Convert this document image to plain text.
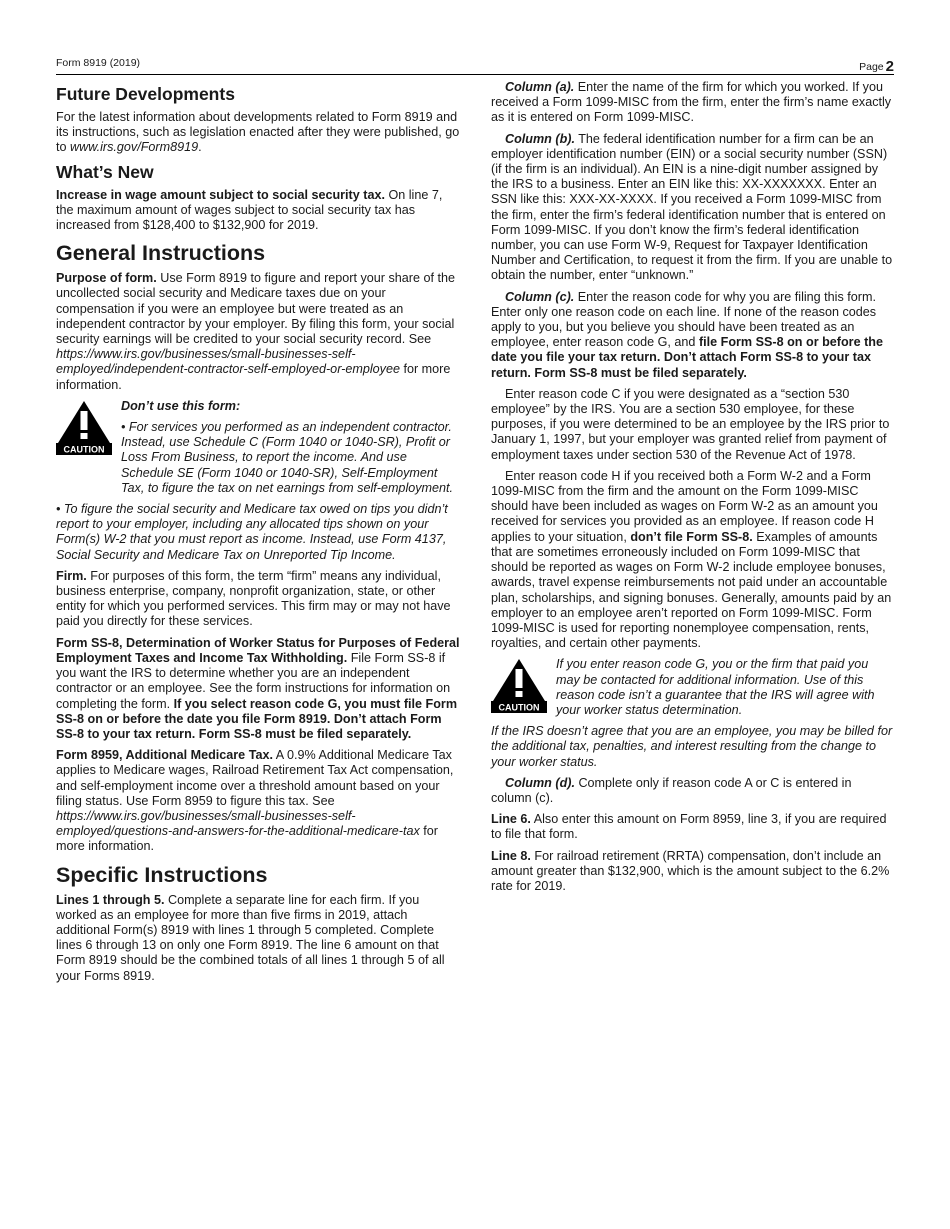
Form 8919 (2019)	Page 2
Future Developments

For the latest information about developments related to Form 8919 and its instructions, such as legislation enacted after they were published, go to www.irs.gov/Form8919.

What’s New

Increase in wage amount subject to social security tax. On line 7, the maximum amount of wages subject to social security tax has increased from $128,400 to $132,900 for 2019.

General Instructions

Purpose of form. Use Form 8919 to figure and report your share of the uncollected social security and Medicare taxes due on your compensation if you were an employee but were treated as an independent contractor by your employer. By filing this form, your social security earnings will be credited to your social security record. See https://www.irs.gov/businesses/small-businesses-self-employed/independent-contractor-self-employed-or-employee for more information.

CAUTION

Don’t use this form:

• For services you performed as an independent contractor. Instead, use Schedule C (Form 1040 or 1040-SR), Profit or Loss From Business, to report the income. And use Schedule SE (Form 1040 or 1040-SR), Self-Employment Tax, to figure the tax on net earnings from self-employment.

• To figure the social security and Medicare tax owed on tips you didn’t report to your employer, including any allocated tips shown on your Form(s) W-2 that you must report as income. Instead, use Form 4137, Social Security and Medicare Tax on Unreported Tip Income.

Firm. For purposes of this form, the term “firm” means any individual, business enterprise, company, nonprofit organization, state, or other entity for which you performed services. This firm may or may not have paid you directly for these services.

Form SS-8, Determination of Worker Status for Purposes of Federal Employment Taxes and Income Tax Withholding. File Form SS-8 if you want the IRS to determine whether you are an independent contractor or an employee. See the form instructions for information on completing the form. If you select reason code G, you must file Form SS-8 on or before the date you file Form 8919. Don’t attach Form SS-8 to your tax return. Form SS-8 must be filed separately.

Form 8959, Additional Medicare Tax. A 0.9% Additional Medicare Tax applies to Medicare wages, Railroad Retirement Tax Act compensation, and self-employment income over a threshold amount based on your filing status. Use Form 8959 to figure this tax. See https://www.irs.gov/businesses/small-businesses-self-employed/questions-and-answers-for-the-additional-medicare-tax for more information.

Specific Instructions

Lines 1 through 5. Complete a separate line for each firm. If you worked as an employee for more than five firms in 2019, attach additional Form(s) 8919 with lines 1 through 5 completed. Complete lines 6 through 13 on only one Form 8919. The line 6 amount on that Form 8919 should be the combined totals of all lines 1 through 5 of all your Forms 8919.

Column (a). Enter the name of the firm for which you worked. If you received a Form 1099-MISC from the firm, enter the firm’s name exactly as it is entered on Form 1099-MISC.

Column (b). The federal identification number for a firm can be an employer identification number (EIN) or a social security number (SSN) (if the firm is an individual). An EIN is a nine-digit number assigned by the IRS to a business. Enter an EIN like this: XX-XXXXXXX. Enter an SSN like this: XXX-XX-XXXX. If you received a Form 1099-MISC from the firm, enter the firm’s federal identification number that is entered on Form 1099-MISC. If you don’t know the firm’s federal identification number, you can use Form W-9, Request for Taxpayer Identification Number and Certification, to request it from the firm. If you are unable to obtain the number, enter “unknown.”

Column (c). Enter the reason code for why you are filing this form. Enter only one reason code on each line. If none of the reason codes apply to you, but you believe you should have been treated as an employee, enter reason code G, and file Form SS-8 on or before the date you file your tax return. Don’t attach Form SS-8 to your tax return. Form SS-8 must be filed separately.

Enter reason code C if you were designated as a “section 530 employee” by the IRS. You are a section 530 employee, for these purposes, if you were determined to be an employee by the IRS prior to January 1, 1997, but your employer was granted relief from payment of employment taxes under section 530 of the Revenue Act of 1978.

Enter reason code H if you received both a Form W-2 and a Form 1099-MISC from the firm and the amount on the Form 1099-MISC should have been included as wages on Form W-2 as an amount you received for services you provided as an employee. If reason code H applies to your situation, don’t file Form SS-8. Examples of amounts that are sometimes erroneously included on Form 1099-MISC that should be reported as wages on Form W-2 include employee bonuses, awards, travel expense reimbursements not paid under an accountable plan, scholarships, and signing bonuses. Generally, amounts paid by an employer to an employee aren’t reported on Form 1099-MISC. Form 1099-MISC is used for reporting nonemployee compensation, rents, royalties, and certain other payments.

CAUTION

If you enter reason code G, you or the firm that paid you may be contacted for additional information. Use of this reason code isn’t a guarantee that the IRS will agree with your worker status determination.

If the IRS doesn’t agree that you are an employee, you may be billed for the additional tax, penalties, and interest resulting from the change to your worker status.

Column (d). Complete only if reason code A or C is entered in column (c).

Line 6. Also enter this amount on Form 8959, line 3, if you are required to file that form.

Line 8. For railroad retirement (RRTA) compensation, don’t include an amount greater than $132,900, which is the amount subject to the 6.2% rate for 2019.
